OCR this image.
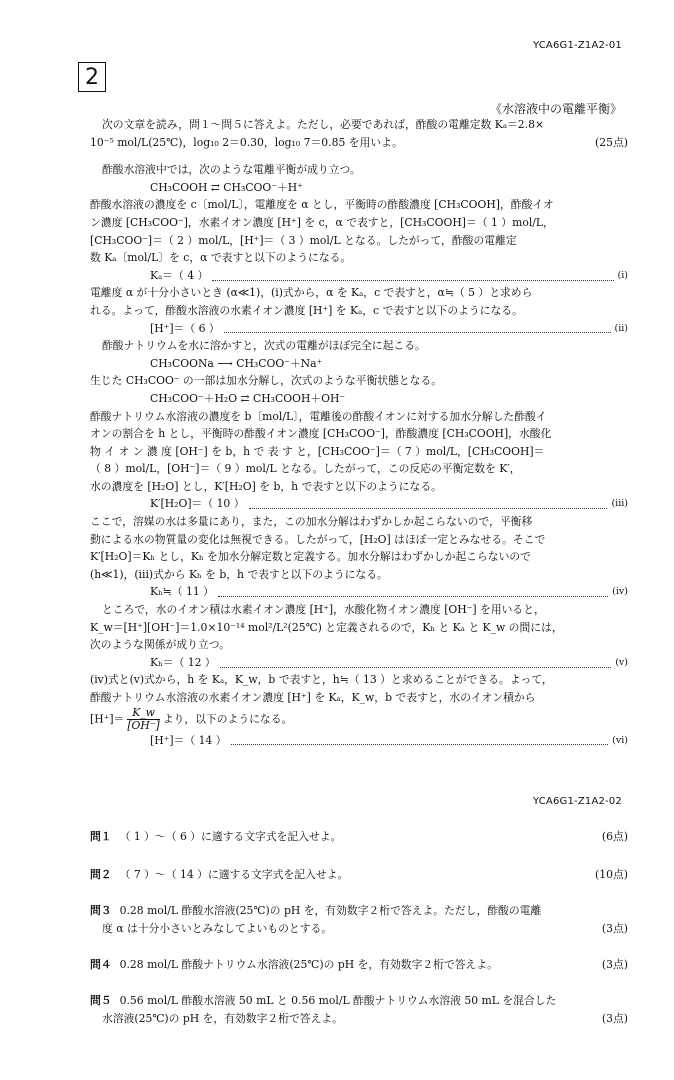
YCA6G1-Z1A2-01
2
《水溶液中の電離平衡》

次の文章を読み，問１～問５に答えよ。ただし，必要であれば，酢酸の電離定数 Kₐ＝2.8×

10⁻⁵ mol/L(25℃)，log₁₀ 2＝0.30，log₁₀ 7＝0.85 を用いよ。	(25点)

酢酸水溶液中では，次のような電離平衡が成り立つ。

CH₃COOH ⇄ CH₃COO⁻＋H⁺

酢酸水溶液の濃度を c〔mol/L〕，電離度を α とし，平衡時の酢酸濃度 [CH₃COOH]，酢酸イオ

ン濃度 [CH₃COO⁻]，水素イオン濃度 [H⁺] を c，α で表すと，[CH₃COOH]＝（ 1 ）mol/L，

[CH₃COO⁻]＝（ 2 ）mol/L，[H⁺]＝（ 3 ）mol/L となる。したがって，酢酸の電離定

数 Kₐ〔mol/L〕を c，α で表すと以下のようになる。

Kₐ＝（ 4 ）	(i)

電離度 α が十分小さいとき (α≪1)，(i)式から，α を Kₐ，c で表すと，α≒（ 5 ）と求めら

れる。よって，酢酸水溶液の水素イオン濃度 [H⁺] を Kₐ，c で表すと以下のようになる。

[H⁺]＝（ 6 ）	(ii)

酢酸ナトリウムを水に溶かすと，次式の電離がほぼ完全に起こる。

CH₃COONa ⟶ CH₃COO⁻＋Na⁺

生じた CH₃COO⁻ の一部は加水分解し，次式のような平衡状態となる。

CH₃COO⁻＋H₂O ⇄ CH₃COOH＋OH⁻

酢酸ナトリウム水溶液の濃度を b〔mol/L〕，電離後の酢酸イオンに対する加水分解した酢酸イ

オンの割合を h とし，平衡時の酢酸イオン濃度 [CH₃COO⁻]，酢酸濃度 [CH₃COOH]，水酸化

物 イ オ ン 濃 度 [OH⁻] を b，h で 表 す と，[CH₃COO⁻]＝（ 7 ）mol/L，[CH₃COOH]＝

（ 8 ）mol/L，[OH⁻]＝（ 9 ）mol/L となる。したがって，この反応の平衡定数を K′，

水の濃度を [H₂O] とし，K′[H₂O] を b，h で表すと以下のようになる。

K′[H₂O]＝（ 10 ）	(iii)

ここで，溶媒の水は多量にあり，また，この加水分解はわずかしか起こらないので，平衡移

動による水の物質量の変化は無視できる。したがって，[H₂O] はほぼ一定とみなせる。そこで

K′[H₂O]＝Kₕ とし，Kₕ を加水分解定数と定義する。加水分解はわずかしか起こらないので

(h≪1)，(iii)式から Kₕ を b，h で表すと以下のようになる。

Kₕ≒（ 11 ）	(iv)

ところで，水のイオン積は水素イオン濃度 [H⁺]，水酸化物イオン濃度 [OH⁻] を用いると，

K_w＝[H⁺][OH⁻]＝1.0×10⁻¹⁴ mol²/L²(25℃) と定義されるので，Kₕ と Kₐ と K_w の間には，

次のような関係が成り立つ。

Kₕ＝（ 12 ）	(v)

(iv)式と(v)式から，h を Kₐ，K_w，b で表すと，h≒（ 13 ）と求めることができる。よって，

酢酸ナトリウム水溶液の水素イオン濃度 [H⁺] を Kₐ，K_w，b で表すと，水のイオン積から

$[H^+]= \frac{K\_w}{[OH^-]}$ より，以下のようになる。

[H⁺]＝（ 14 ）	(vi)
YCA6G1-Z1A2-02

問１ （ 1 ）～（ 6 ）に適する文字式を記入せよ。	(6点)

問２ （ 7 ）～（ 14 ）に適する文字式を記入せよ。	(10点)

問３ 0.28 mol/L 酢酸水溶液(25℃)の pH を，有効数字２桁で答えよ。ただし，酢酸の電離

度 α は十分小さいとみなしてよいものとする。	(3点)

問４ 0.28 mol/L 酢酸ナトリウム水溶液(25℃)の pH を，有効数字２桁で答えよ。	(3点)

問５ 0.56 mol/L 酢酸水溶液 50 mL と 0.56 mol/L 酢酸ナトリウム水溶液 50 mL を混合した

水溶液(25℃)の pH を，有効数字２桁で答えよ。	(3点)
